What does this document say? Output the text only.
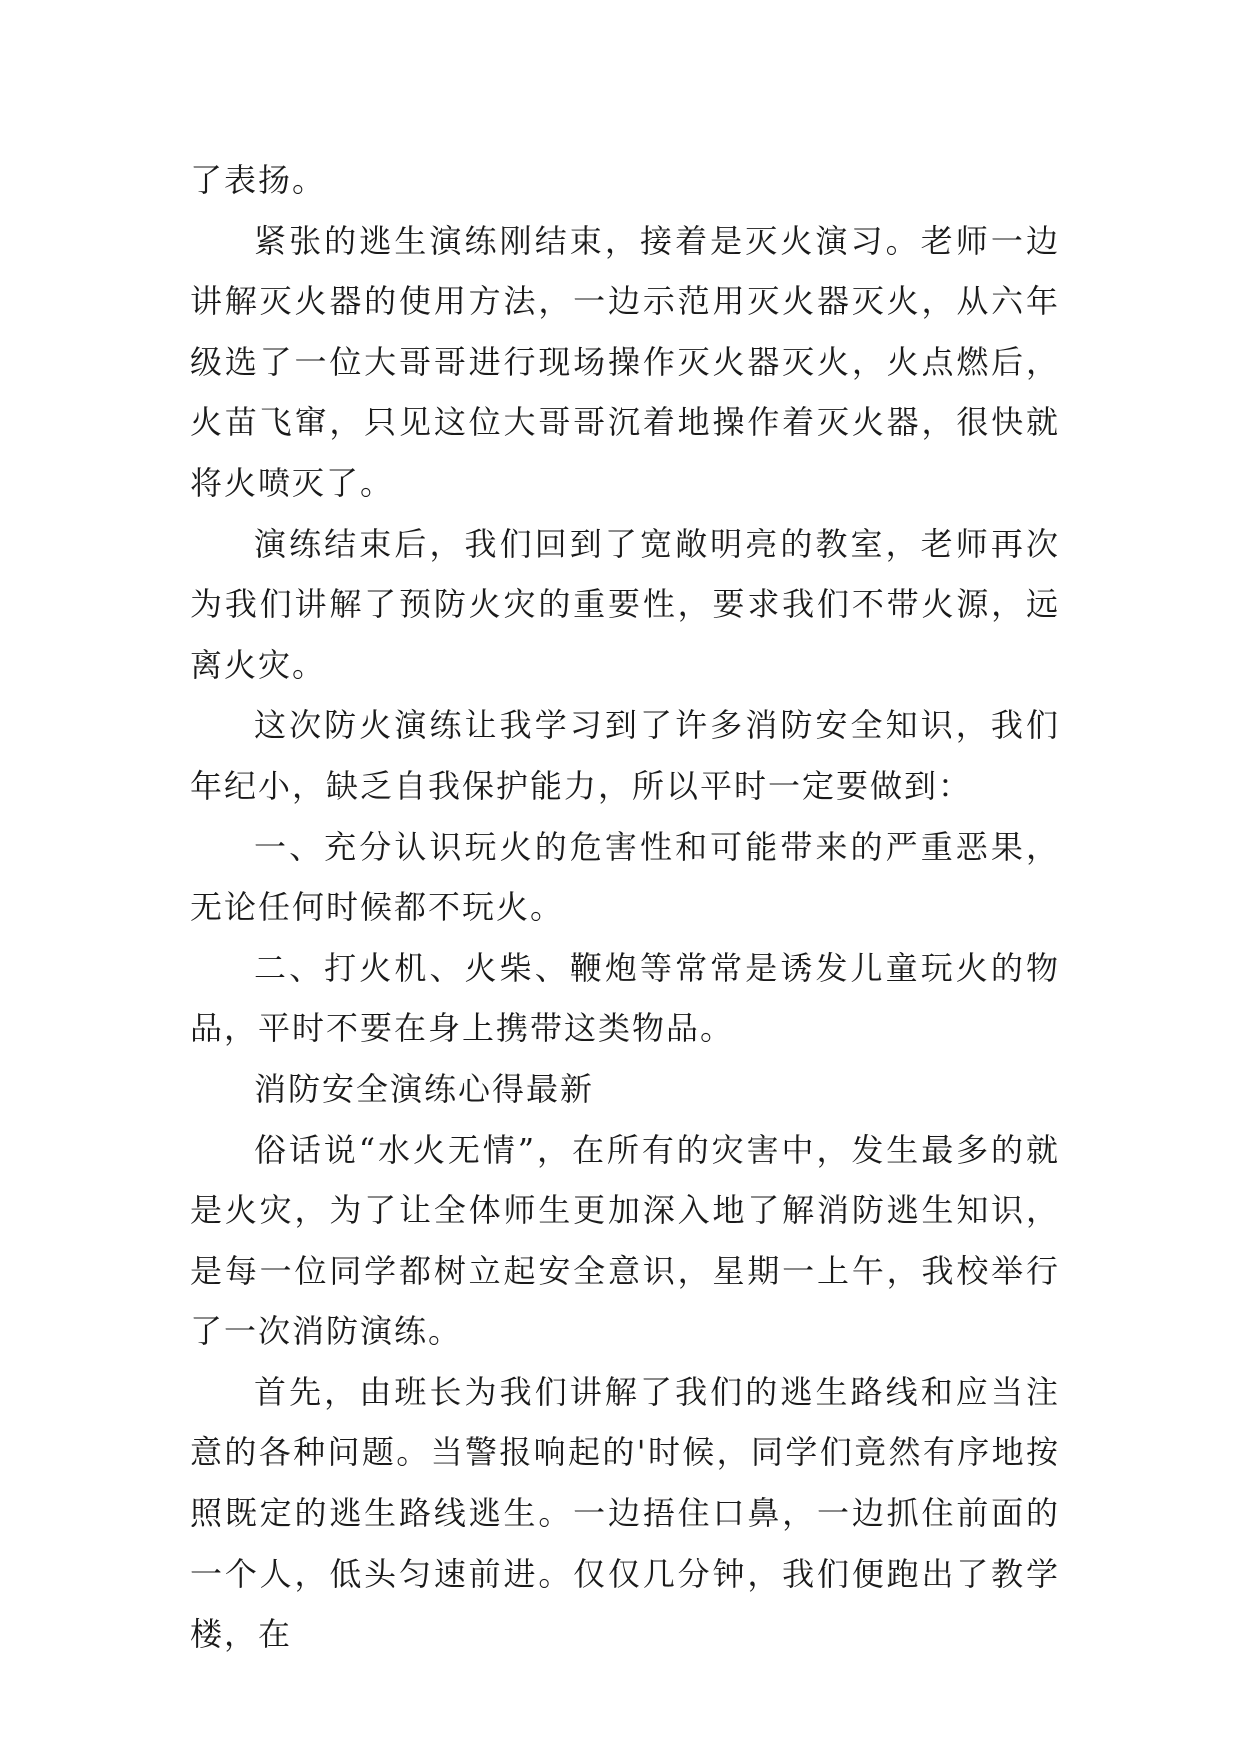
了表扬。

紧张的逃生演练刚结束，接着是灭火演习。老师一边讲解灭火器的使用方法，一边示范用灭火器灭火，从六年级选了一位大哥哥进行现场操作灭火器灭火，火点燃后，火苗飞窜，只见这位大哥哥沉着地操作着灭火器，很快就将火喷灭了。

演练结束后，我们回到了宽敞明亮的教室，老师再次为我们讲解了预防火灾的重要性，要求我们不带火源，远离火灾。

这次防火演练让我学习到了许多消防安全知识，我们年纪小，缺乏自我保护能力，所以平时一定要做到：

一、充分认识玩火的危害性和可能带来的严重恶果，无论任何时候都不玩火。

二、打火机、火柴、鞭炮等常常是诱发儿童玩火的物品，平时不要在身上携带这类物品。

消防安全演练心得最新

俗话说“水火无情”，在所有的灾害中，发生最多的就是火灾，为了让全体师生更加深入地了解消防逃生知识，是每一位同学都树立起安全意识，星期一上午，我校举行了一次消防演练。

首先，由班长为我们讲解了我们的逃生路线和应当注意的各种问题。当警报响起的'时候，同学们竟然有序地按照既定的逃生路线逃生。一边捂住口鼻，一边抓住前面的一个人，低头匀速前进。仅仅几分钟，我们便跑出了教学楼，在
